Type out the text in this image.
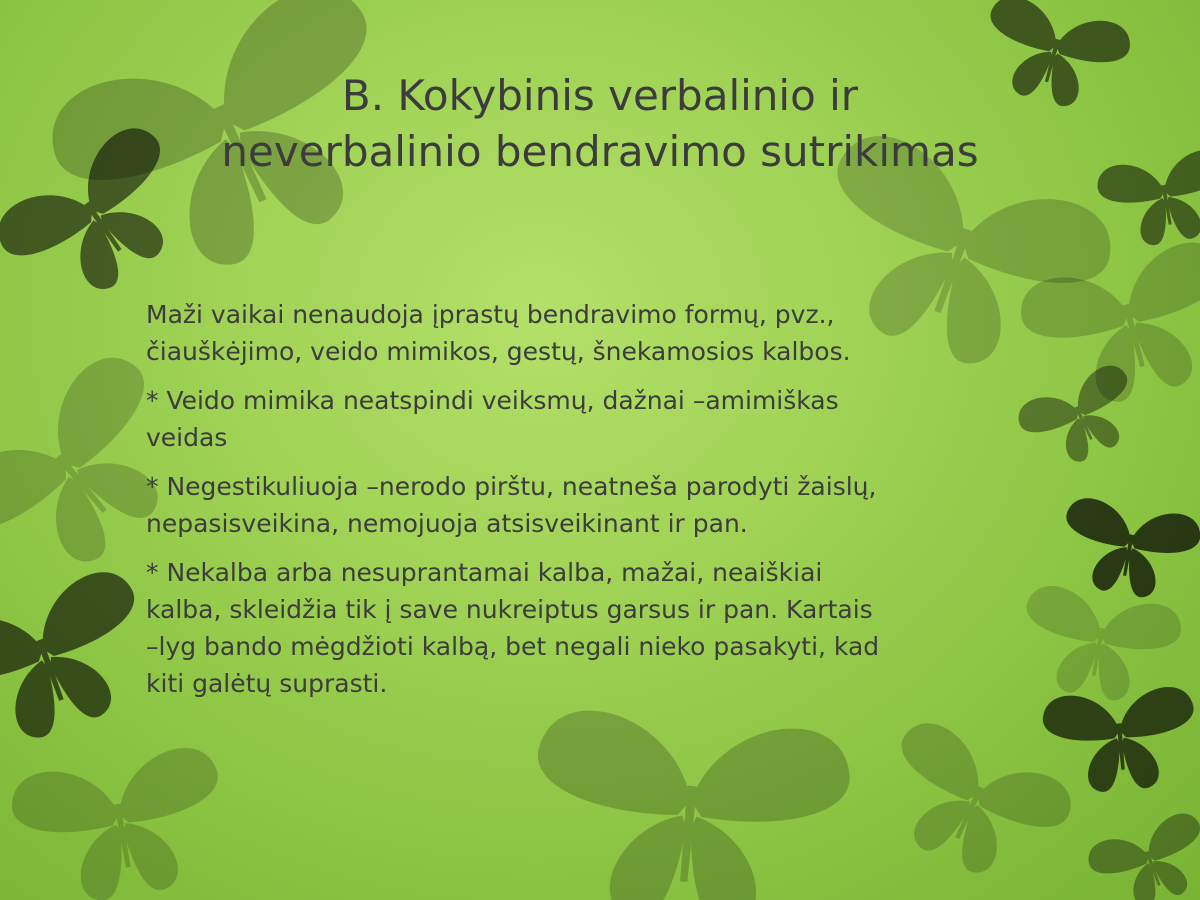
B. Kokybinis verbalinio ir
neverbalinio bendravimo sutrikimas

Maži vaikai nenaudoja įprastų bendravimo formų, pvz.,
čiauškėjimo, veido mimikos, gestų, šnekamosios kalbos.

* Veido mimika neatspindi veiksmų, dažnai –amimiškas
veidas

* Negestikuliuoja –nerodo pirštu, neatneša parodyti žaislų,
nepasisveikina, nemojuoja atsisveikinant ir pan.

* Nekalba arba nesuprantamai kalba, mažai, neaiškiai
kalba, skleidžia tik į save nukreiptus garsus ir pan. Kartais
–lyg bando mėgdžioti kalbą, bet negali nieko pasakyti, kad
kiti galėtų suprasti.
